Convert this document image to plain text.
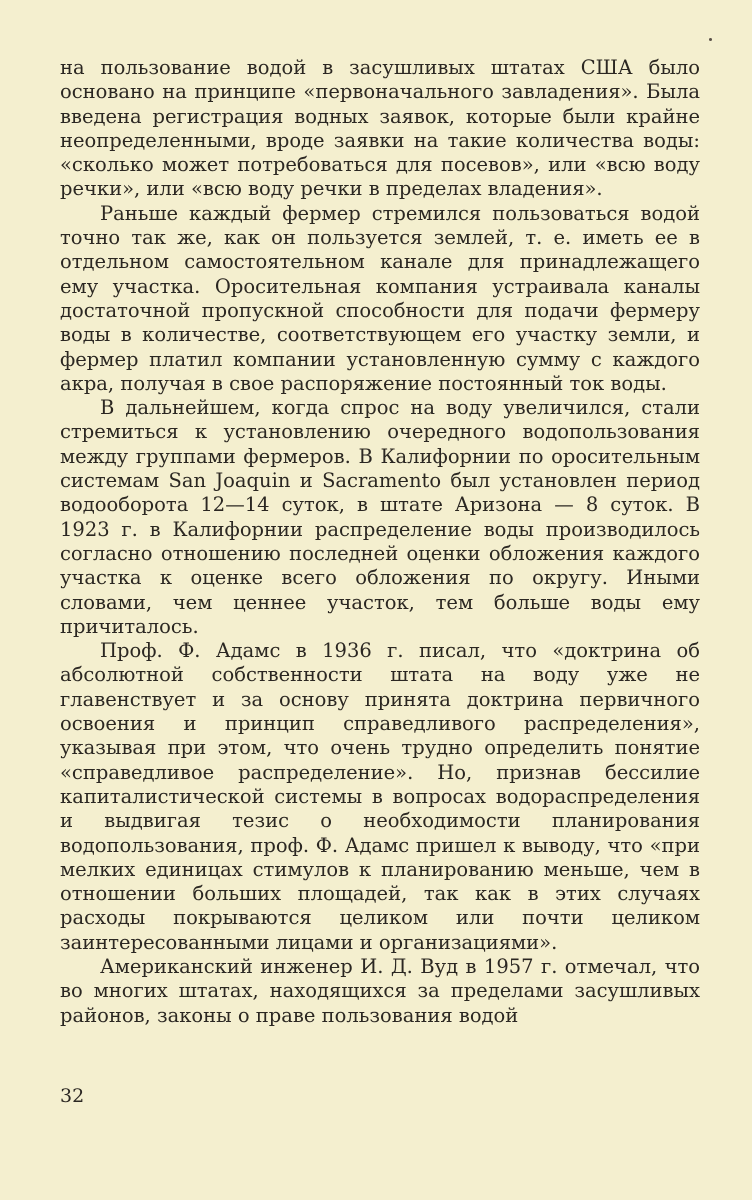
на пользование водой в засушливых штатах США было основано на принципе «первоначального завладения». Была введена регистрация водных заявок, которые были крайне неопределенными, вроде заявки на такие количества воды: «сколько может потребоваться для посевов», или «всю воду речки», или «всю воду речки в пределах владения».

Раньше каждый фермер стремился пользоваться водой точно так же, как он пользуется землей, т. е. иметь ее в отдельном самостоятельном канале для принадлежащего ему участка. Оросительная компания устраивала каналы достаточной пропускной способности для подачи фермеру воды в количестве, соответствующем его участку земли, и фермер платил компании установленную сумму с каждого акра, получая в свое распоряжение постоянный ток воды.

В дальнейшем, когда спрос на воду увеличился, стали стремиться к установлению очередного водопользования между группами фермеров. В Калифорнии по оросительным системам San Joaquin и Sacramento был установлен период водооборота 12—14 суток, в штате Аризона — 8 суток. В 1923 г. в Калифорнии распределение воды производилось согласно отношению последней оценки обложения каждого участка к оценке всего обложения по округу. Иными словами, чем ценнее участок, тем больше воды ему причиталось.

Проф. Ф. Адамс в 1936 г. писал, что «доктрина об абсолютной собственности штата на воду уже не главенствует и за основу принята доктрина первичного освоения и принцип справедливого распределения», указывая при этом, что очень трудно определить понятие «справедливое распределение». Но, признав бессилие капиталистической системы в вопросах водораспределения и выдвигая тезис о необходимости планирования водопользования, проф. Ф. Адамс пришел к выводу, что «при мелких единицах стимулов к планированию меньше, чем в отношении больших площадей, так как в этих случаях расходы покрываются целиком или почти целиком заинтересованными лицами и организациями».

Американский инженер И. Д. Вуд в 1957 г. отмечал, что во многих штатах, находящихся за пределами засушливых районов, законы о праве пользования водой

32
